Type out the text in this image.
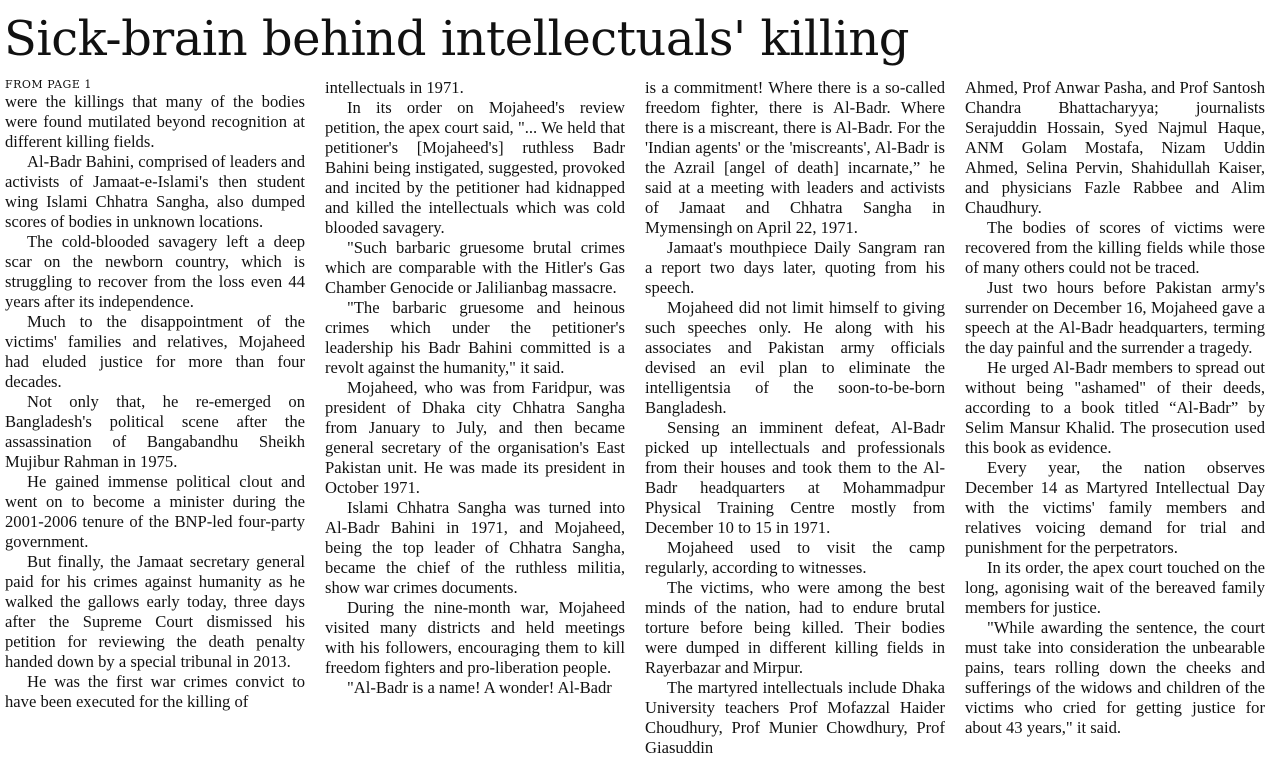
Sick-brain behind intellectuals' killing
FROM PAGE 1

were the killings that many of the bodies were found mutilated beyond recognition at different killing fields.

Al-Badr Bahini, comprised of leaders and activists of Jamaat-e-Islami's then student wing Islami Chhatra Sangha, also dumped scores of bodies in unknown locations.

The cold-blooded savagery left a deep scar on the newborn country, which is struggling to recover from the loss even 44 years after its independence.

Much to the disappointment of the victims' families and relatives, Mojaheed had eluded justice for more than four decades.

Not only that, he re-emerged on Bangladesh's political scene after the assassination of Bangabandhu Sheikh Mujibur Rahman in 1975.

He gained immense political clout and went on to become a minister during the 2001-2006 tenure of the BNP-led four-party government.

But finally, the Jamaat secretary general paid for his crimes against humanity as he walked the gallows early today, three days after the Supreme Court dismissed his petition for reviewing the death penalty handed down by a special tribunal in 2013.

He was the first war crimes convict to have been executed for the killing of

intellectuals in 1971.

In its order on Mojaheed's review petition, the apex court said, "... We held that petitioner's [Mojaheed's] ruthless Badr Bahini being instigated, suggested, provoked and incited by the petitioner had kidnapped and killed the intellectuals which was cold blooded savagery.

"Such barbaric gruesome brutal crimes which are comparable with the Hitler's Gas Chamber Genocide or Jalilianbag massacre.

"The barbaric gruesome and heinous crimes which under the petitioner's leadership his Badr Bahini committed is a revolt against the humanity," it said.

Mojaheed, who was from Faridpur, was president of Dhaka city Chhatra Sangha from January to July, and then became general secretary of the organisation's East Pakistan unit. He was made its president in October 1971.

Islami Chhatra Sangha was turned into Al-Badr Bahini in 1971, and Mojaheed, being the top leader of Chhatra Sangha, became the chief of the ruthless militia, show war crimes documents.

During the nine-month war, Mojaheed visited many districts and held meetings with his followers, encouraging them to kill freedom fighters and pro-liberation people.

"Al-Badr is a name! A wonder! Al-Badr

is a commitment! Where there is a so-called freedom fighter, there is Al-Badr. Where there is a miscreant, there is Al-Badr. For the 'Indian agents' or the 'miscreants', Al-Badr is the Azrail [angel of death] incarnate,” he said at a meeting with leaders and activists of Jamaat and Chhatra Sangha in Mymensingh on April 22, 1971.

Jamaat's mouthpiece Daily Sangram ran a report two days later, quoting from his speech.

Mojaheed did not limit himself to giving such speeches only. He along with his associates and Pakistan army officials devised an evil plan to eliminate the intelligentsia of the soon-to-be-born Bangladesh.

Sensing an imminent defeat, Al-Badr picked up intellectuals and professionals from their houses and took them to the Al-Badr headquarters at Mohammadpur Physical Training Centre mostly from December 10 to 15 in 1971.

Mojaheed used to visit the camp regularly, according to witnesses.

The victims, who were among the best minds of the nation, had to endure brutal torture before being killed. Their bodies were dumped in different killing fields in Rayerbazar and Mirpur.

The martyred intellectuals include Dhaka University teachers Prof Mofazzal Haider Choudhury, Prof Munier Chowdhury, Prof Giasuddin

Ahmed, Prof Anwar Pasha, and Prof Santosh Chandra Bhattacharyya; journalists Serajuddin Hossain, Syed Najmul Haque, ANM Golam Mostafa, Nizam Uddin Ahmed, Selina Pervin, Shahidullah Kaiser, and physicians Fazle Rabbee and Alim Chaudhury.

The bodies of scores of victims were recovered from the killing fields while those of many others could not be traced.

Just two hours before Pakistan army's surrender on December 16, Mojaheed gave a speech at the Al-Badr headquarters, terming the day painful and the surrender a tragedy.

He urged Al-Badr members to spread out without being "ashamed" of their deeds, according to a book titled “Al-Badr” by Selim Mansur Khalid. The prosecution used this book as evidence.

Every year, the nation observes December 14 as Martyred Intellectual Day with the victims' family members and relatives voicing demand for trial and punishment for the perpetrators.

In its order, the apex court touched on the long, agonising wait of the bereaved family members for justice.

"While awarding the sentence, the court must take into consideration the unbearable pains, tears rolling down the cheeks and sufferings of the widows and children of the victims who cried for getting justice for about 43 years," it said.
